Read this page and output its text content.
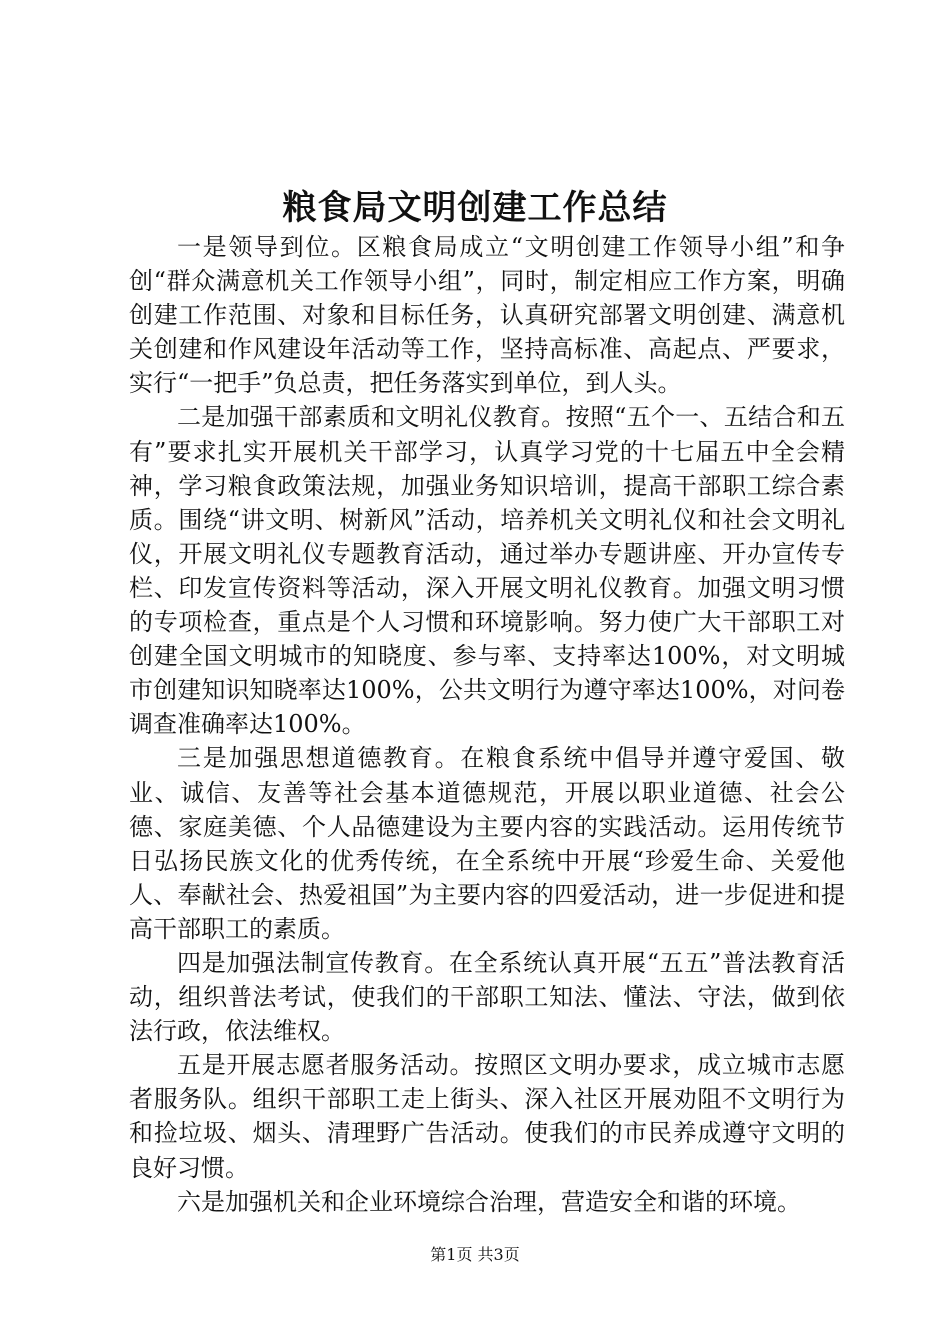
粮食局文明创建工作总结

一是领导到位。区粮食局成立“文明创建工作领导小组”和争创“群众满意机关工作领导小组”，同时，制定相应工作方案，明确创建工作范围、对象和目标任务，认真研究部署文明创建、满意机关创建和作风建设年活动等工作，坚持高标准、高起点、严要求，实行“一把手”负总责，把任务落实到单位，到人头。

二是加强干部素质和文明礼仪教育。按照“五个一、五结合和五有”要求扎实开展机关干部学习，认真学习党的十七届五中全会精神，学习粮食政策法规，加强业务知识培训，提高干部职工综合素质。围绕“讲文明、树新风”活动，培养机关文明礼仪和社会文明礼仪，开展文明礼仪专题教育活动，通过举办专题讲座、开办宣传专栏、印发宣传资料等活动，深入开展文明礼仪教育。加强文明习惯的专项检查，重点是个人习惯和环境影响。努力使广大干部职工对创建全国文明城市的知晓度、参与率、支持率达100%，对文明城市创建知识知晓率达100%，公共文明行为遵守率达100%，对问卷调查准确率达100%。

三是加强思想道德教育。在粮食系统中倡导并遵守爱国、敬业、诚信、友善等社会基本道德规范，开展以职业道德、社会公德、家庭美德、个人品德建设为主要内容的实践活动。运用传统节日弘扬民族文化的优秀传统，在全系统中开展“珍爱生命、关爱他人、奉献社会、热爱祖国”为主要内容的四爱活动，进一步促进和提高干部职工的素质。

四是加强法制宣传教育。在全系统认真开展“五五”普法教育活动，组织普法考试，使我们的干部职工知法、懂法、守法，做到依法行政，依法维权。

五是开展志愿者服务活动。按照区文明办要求，成立城市志愿者服务队。组织干部职工走上街头、深入社区开展劝阻不文明行为和捡垃圾、烟头、清理野广告活动。使我们的市民养成遵守文明的良好习惯。

六是加强机关和企业环境综合治理，营造安全和谐的环境。

第1页 共3页
